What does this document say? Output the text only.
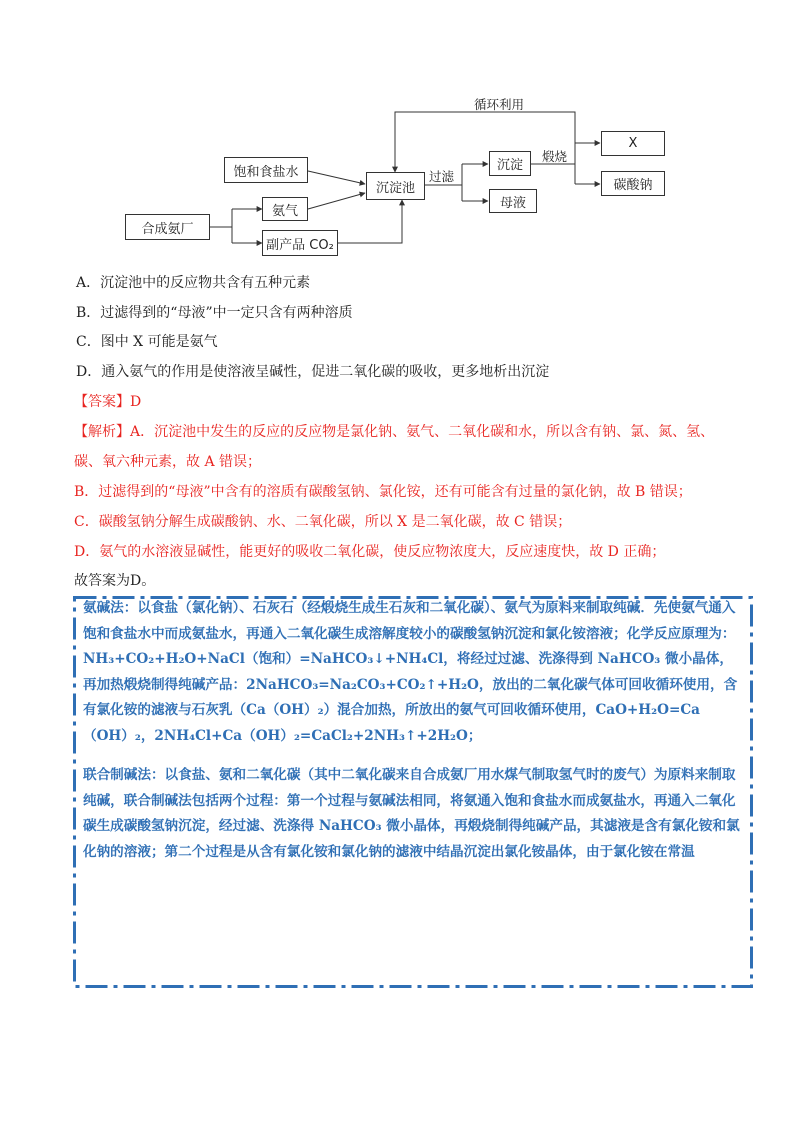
饱和食盐水
氨气
合成氨厂
副产品 CO₂
沉淀池
沉淀
母液
X
碳酸钠
循环利用
过滤
煅烧
A．沉淀池中的反应物共含有五种元素
B．过滤得到的“母液”中一定只含有两种溶质
C．图中 X 可能是氨气
D．通入氨气的作用是使溶液呈碱性，促进二氧化碳的吸收，更多地析出沉淀
【答案】D
【解析】A．沉淀池中发生的反应的反应物是氯化钠、氨气、二氧化碳和水，所以含有钠、氯、氮、氢、
碳、氧六种元素，故 A 错误；
B．过滤得到的“母液”中含有的溶质有碳酸氢钠、氯化铵，还有可能含有过量的氯化钠，故 B 错误；
C．碳酸氢钠分解生成碳酸钠、水、二氧化碳，所以 X 是二氧化碳，故 C 错误；
D．氨气的水溶液显碱性，能更好的吸收二氧化碳，使反应物浓度大，反应速度快，故 D 正确；
故答案为D。

氨碱法：以食盐（氯化钠）、石灰石（经煅烧生成生石灰和二氧化碳）、氨气为原料来制取纯碱．先使氨气通入饱和食盐水中而成氨盐水，再通入二氧化碳生成溶解度较小的碳酸氢钠沉淀和氯化铵溶液；化学反应原理为：NH₃+CO₂+H₂O+NaCl（饱和）=NaHCO₃↓+NH₄Cl，将经过过滤、洗涤得到 NaHCO₃ 微小晶体，再加热煅烧制得纯碱产品：2NaHCO₃=Na₂CO₃+CO₂↑+H₂O，放出的二氧化碳气体可回收循环使用，含有氯化铵的滤液与石灰乳（Ca（OH）₂）混合加热，所放出的氨气可回收循环使用，CaO+H₂O=Ca（OH）₂，2NH₄Cl+Ca（OH）₂=CaCl₂+2NH₃↑+2H₂O；

联合制碱法：以食盐、氨和二氧化碳（其中二氧化碳来自合成氨厂用水煤气制取氢气时的废气）为原料来制取纯碱，联合制碱法包括两个过程：第一个过程与氨碱法相同，将氨通入饱和食盐水而成氨盐水，再通入二氧化碳生成碳酸氢钠沉淀，经过滤、洗涤得 NaHCO₃ 微小晶体，再煅烧制得纯碱产品，其滤液是含有氯化铵和氯化钠的溶液；第二个过程是从含有氯化铵和氯化钠的滤液中结晶沉淀出氯化铵晶体，由于氯化铵在常温
